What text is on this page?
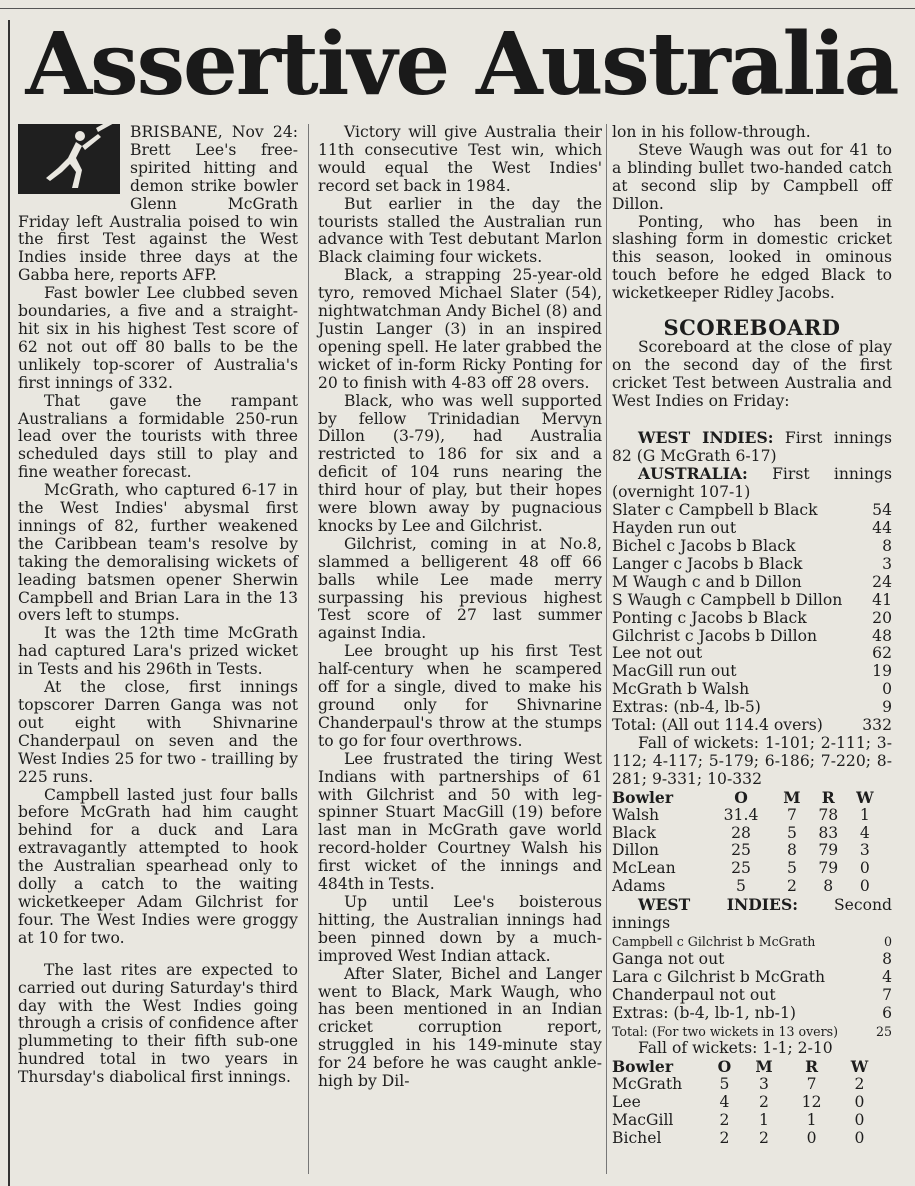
Assertive Australia

BRISBANE, Nov 24: Brett Lee's free-spirited hitting and demon strike bowler Glenn McGrath Friday left Australia poised to win the first Test against the West Indies inside three days at the Gabba here, reports AFP.

Fast bowler Lee clubbed seven boundaries, a five and a straight-hit six in his highest Test score of 62 not out off 80 balls to be the unlikely top-scorer of Australia's first innings of 332.

That gave the rampant Australians a formidable 250-run lead over the tourists with three scheduled days still to play and fine weather forecast.

McGrath, who captured 6-17 in the West Indies' abysmal first innings of 82, further weakened the Caribbean team's resolve by taking the demoralising wickets of leading batsmen opener Sherwin Campbell and Brian Lara in the 13 overs left to stumps.

It was the 12th time McGrath had captured Lara's prized wicket in Tests and his 296th in Tests.

At the close, first innings topscorer Darren Ganga was not out eight with Shivnarine Chanderpaul on seven and the West Indies 25 for two - trailling by 225 runs.

Campbell lasted just four balls before McGrath had him caught behind for a duck and Lara extravagantly attempted to hook the Australian spearhead only to dolly a catch to the waiting wicketkeeper Adam Gilchrist for four. The West Indies were groggy at 10 for two.

The last rites are expected to carried out during Saturday's third day with the West Indies going through a crisis of confidence after plummeting to their fifth sub-one hundred total in two years in Thursday's diabolical first innings.

Victory will give Australia their 11th consecutive Test win, which would equal the West Indies' record set back in 1984.

But earlier in the day the tourists stalled the Australian run advance with Test debutant Marlon Black claiming four wickets.

Black, a strapping 25-year-old tyro, removed Michael Slater (54), nightwatchman Andy Bichel (8) and Justin Langer (3) in an inspired opening spell. He later grabbed the wicket of in-form Ricky Ponting for 20 to finish with 4-83 off 28 overs.

Black, who was well supported by fellow Trinidadian Mervyn Dillon (3-79), had Australia restricted to 186 for six and a deficit of 104 runs nearing the third hour of play, but their hopes were blown away by pugnacious knocks by Lee and Gilchrist.

Gilchrist, coming in at No.8, slammed a belligerent 48 off 66 balls while Lee made merry surpassing his previous highest Test score of 27 last summer against India.

Lee brought up his first Test half-century when he scampered off for a single, dived to make his ground only for Shivnarine Chanderpaul's throw at the stumps to go for four overthrows.

Lee frustrated the tiring West Indians with partnerships of 61 with Gilchrist and 50 with leg-spinner Stuart MacGill (19) before last man in McGrath gave world record-holder Courtney Walsh his first wicket of the innings and 484th in Tests.

Up until Lee's boisterous hitting, the Australian innings had been pinned down by a much-improved West Indian attack.

After Slater, Bichel and Langer went to Black, Mark Waugh, who has been mentioned in an Indian cricket corruption report, struggled in his 149-minute stay for 24 before he was caught ankle-high by Dil-

lon in his follow-through.

Steve Waugh was out for 41 to a blinding bullet two-handed catch at second slip by Campbell off Dillon.

Ponting, who has been in slashing form in domestic cricket this season, looked in ominous touch before he edged Black to wicketkeeper Ridley Jacobs.

SCOREBOARD

Scoreboard at the close of play on the second day of the first cricket Test between Australia and West Indies on Friday:

WEST INDIES: First innings 82 (G McGrath 6-17)

AUSTRALIA: First innings (overnight 107-1)

Slater c Campbell b Black	54
Hayden run out	44
Bichel c Jacobs b Black	8
Langer c Jacobs b Black	3
M Waugh c and b Dillon	24
S Waugh c Campbell b Dillon 41
Ponting c Jacobs b Black	20
Gilchrist c Jacobs b Dillon	48
Lee not out	62
MacGill run out	19
McGrath b Walsh	0
Extras: (nb-4, lb-5)	9
Total: (All out 114.4 overs)	332

Fall of wickets: 1-101; 2-111; 3-112; 4-117; 5-179; 6-186; 7-220; 8-281; 9-331; 10-332

Bowler	O	M	R	W
Walsh	31.4	7	78	1
Black	28	5	83	4
Dillon	25	8	79	3
McLean	25	5	79	0
Adams	5	2	8	0

WEST INDIES: Second innings

Campbell c Gilchrist b McGrath	0
Ganga not out	8
Lara c Gilchrist b McGrath	4
Chanderpaul not out	7
Extras: (b-4, lb-1, nb-1)	6
Total: (For two wickets in 13 overs)	25

Fall of wickets: 1-1; 2-10

Bowler	O	M	R	W
McGrath	5	3	7	2
Lee	4	2	12	0
MacGill	2	1	1	0
Bichel	2	2	0	0
